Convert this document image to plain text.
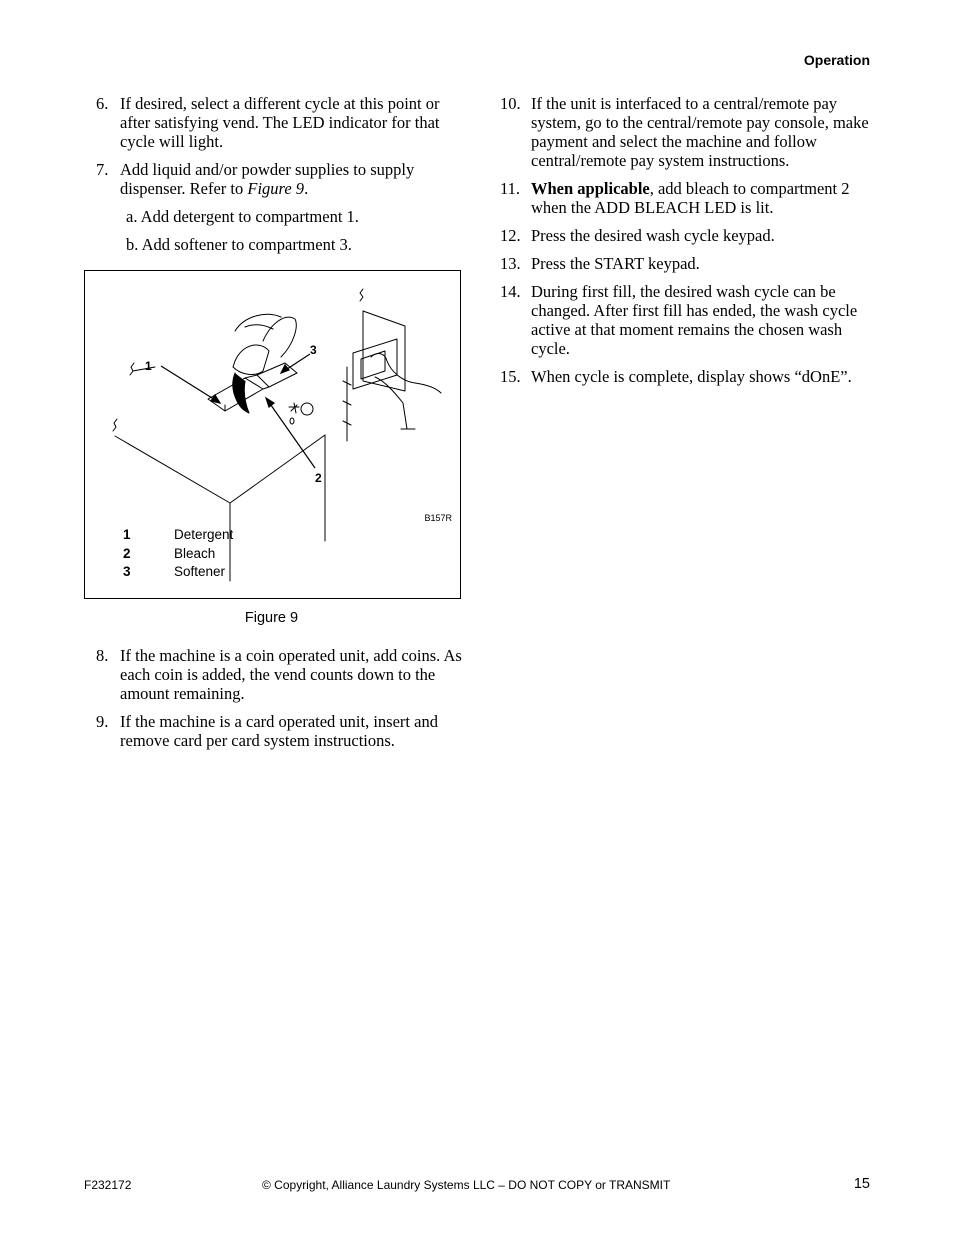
Operation
6. If desired, select a different cycle at this point or after satisfying vend. The LED indicator for that cycle will light.
7. Add liquid and/or powder supplies to supply dispenser. Refer to Figure 9.
a. Add detergent to compartment 1.
b. Add softener to compartment 3.
1
3
2
B157R
1	Detergent
2	Bleach
3	Softener
Figure 9
8. If the machine is a coin operated unit, add coins. As each coin is added, the vend counts down to the amount remaining.
9. If the machine is a card operated unit, insert and remove card per card system instructions.
10. If the unit is interfaced to a central/remote pay system, go to the central/remote pay console, make payment and select the machine and follow central/remote pay system instructions.
11. When applicable, add bleach to compartment 2 when the ADD BLEACH LED is lit.
12. Press the desired wash cycle keypad.
13. Press the START keypad.
14. During first fill, the desired wash cycle can be changed. After first fill has ended, the wash cycle active at that moment remains the chosen wash cycle.
15. When cycle is complete, display shows “dOnE”.
F232172	© Copyright, Alliance Laundry Systems LLC – DO NOT COPY or TRANSMIT	15
